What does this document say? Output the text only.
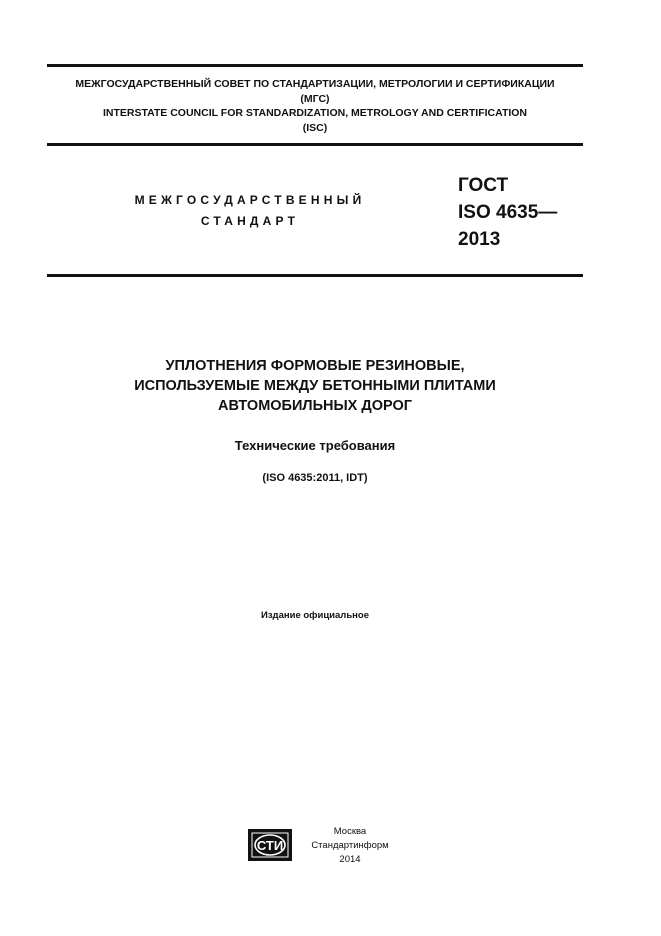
МЕЖГОСУДАРСТВЕННЫЙ СОВЕТ ПО СТАНДАРТИЗАЦИИ, МЕТРОЛОГИИ И СЕРТИФИКАЦИИ
(МГС)
INTERSTATE COUNCIL FOR STANDARDIZATION, METROLOGY AND CERTIFICATION
(ISC)
МЕЖГОСУДАРСТВЕННЫЙ
СТАНДАРТ
ГОСТ
ISO 4635—
2013
УПЛОТНЕНИЯ ФОРМОВЫЕ РЕЗИНОВЫЕ,
ИСПОЛЬЗУЕМЫЕ МЕЖДУ БЕТОННЫМИ ПЛИТАМИ
АВТОМОБИЛЬНЫХ ДОРОГ
Технические требования
(ISO 4635:2011, IDT)
Издание официальное
СТИ
Москва
Стандартинформ
2014
